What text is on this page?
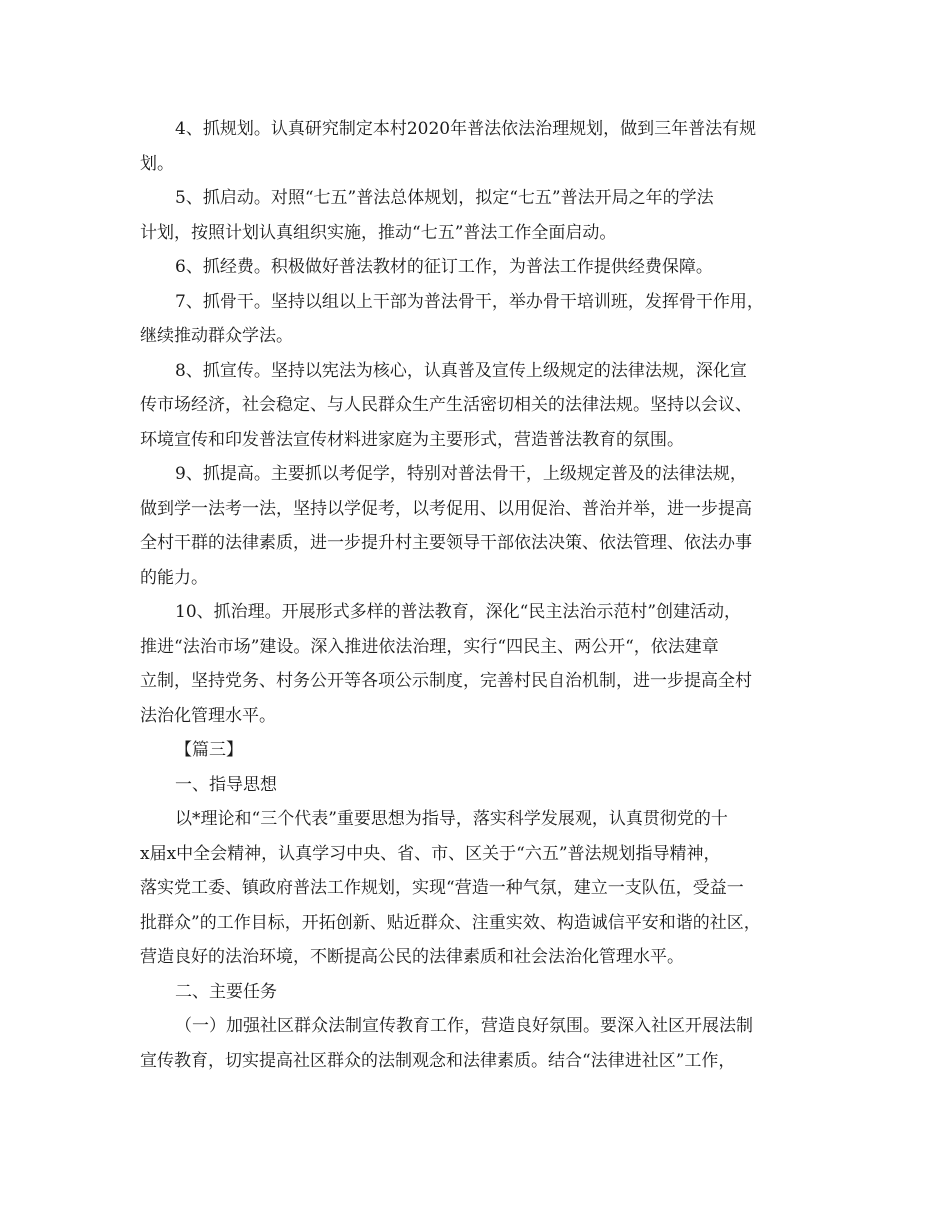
4、抓规划。认真研究制定本村2020年普法依法治理规划，做到三年普法有规
划。
5、抓启动。对照“七五”普法总体规划，拟定“七五”普法开局之年的学法
计划，按照计划认真组织实施，推动“七五”普法工作全面启动。
6、抓经费。积极做好普法教材的征订工作，为普法工作提供经费保障。
7、抓骨干。坚持以组以上干部为普法骨干，举办骨干培训班，发挥骨干作用，
继续推动群众学法。
8、抓宣传。坚持以宪法为核心，认真普及宣传上级规定的法律法规，深化宣
传市场经济，社会稳定、与人民群众生产生活密切相关的法律法规。坚持以会议、
环境宣传和印发普法宣传材料进家庭为主要形式，营造普法教育的氛围。
9、抓提高。主要抓以考促学，特别对普法骨干，上级规定普及的法律法规，
做到学一法考一法，坚持以学促考，以考促用、以用促治、普治并举，进一步提高
全村干群的法律素质，进一步提升村主要领导干部依法决策、依法管理、依法办事
的能力。
10、抓治理。开展形式多样的普法教育，深化“民主法治示范村”创建活动，
推进“法治市场”建设。深入推进依法治理，实行“四民主、两公开“，依法建章
立制，坚持党务、村务公开等各项公示制度，完善村民自治机制，进一步提高全村
法治化管理水平。
【篇三】
一、指导思想
以*理论和“三个代表”重要思想为指导，落实科学发展观，认真贯彻党的十
x届x中全会精神，认真学习中央、省、市、区关于“六五”普法规划指导精神，
落实党工委、镇政府普法工作规划，实现“营造一种气氛，建立一支队伍，受益一
批群众”的工作目标，开拓创新、贴近群众、注重实效、构造诚信平安和谐的社区，
营造良好的法治环境，不断提高公民的法律素质和社会法治化管理水平。
二、主要任务
（一）加强社区群众法制宣传教育工作，营造良好氛围。要深入社区开展法制
宣传教育，切实提高社区群众的法制观念和法律素质。结合“法律进社区”工作，
